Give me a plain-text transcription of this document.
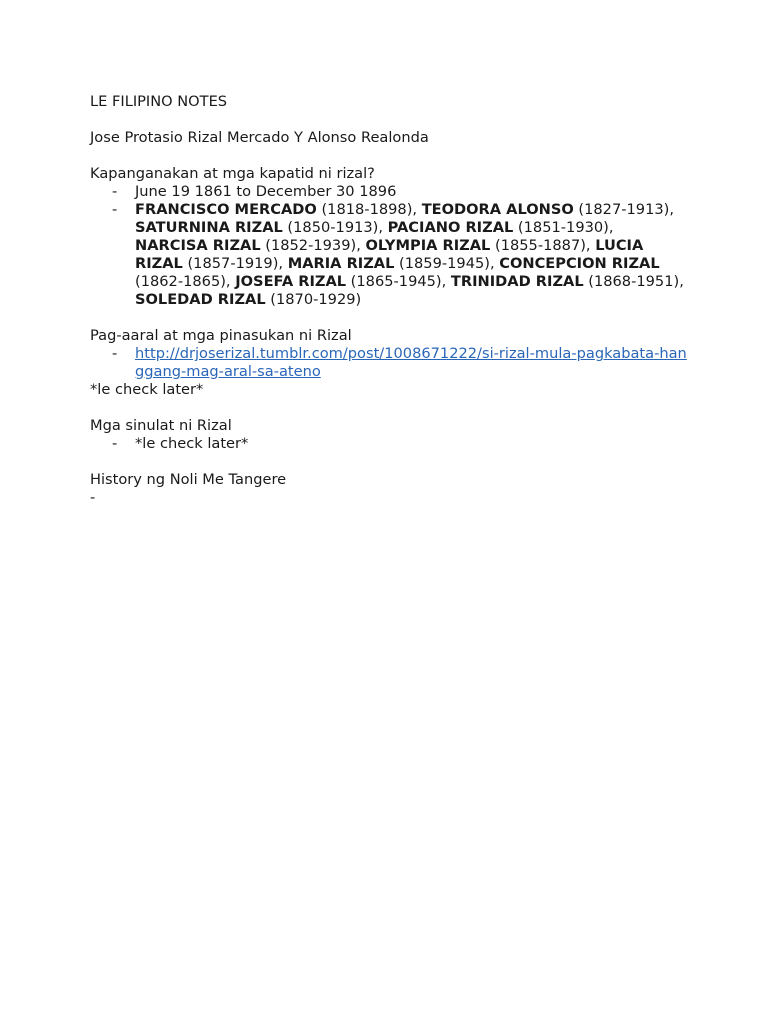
LE FILIPINO NOTES
Jose Protasio Rizal Mercado Y Alonso Realonda
Kapanganakan at mga kapatid ni rizal?
- June 19 1861 to December 30 1896
- FRANCISCO MERCADO (1818-1898), TEODORA ALONSO (1827-1913), SATURNINA RIZAL (1850-1913), PACIANO RIZAL (1851-1930), NARCISA RIZAL (1852-1939), OLYMPIA RIZAL (1855-1887), LUCIA RIZAL (1857-1919), MARIA RIZAL (1859-1945), CONCEPCION RIZAL (1862-1865), JOSEFA RIZAL (1865-1945), TRINIDAD RIZAL (1868-1951), SOLEDAD RIZAL (1870-1929)
Pag-aaral at mga pinasukan ni Rizal
- http://drjoserizal.tumblr.com/post/1008671222/si-rizal-mula-pagkabata-hanggang-mag-aral-sa-ateno
*le check later*
Mga sinulat ni Rizal
- *le check later*
History ng Noli Me Tangere
-
